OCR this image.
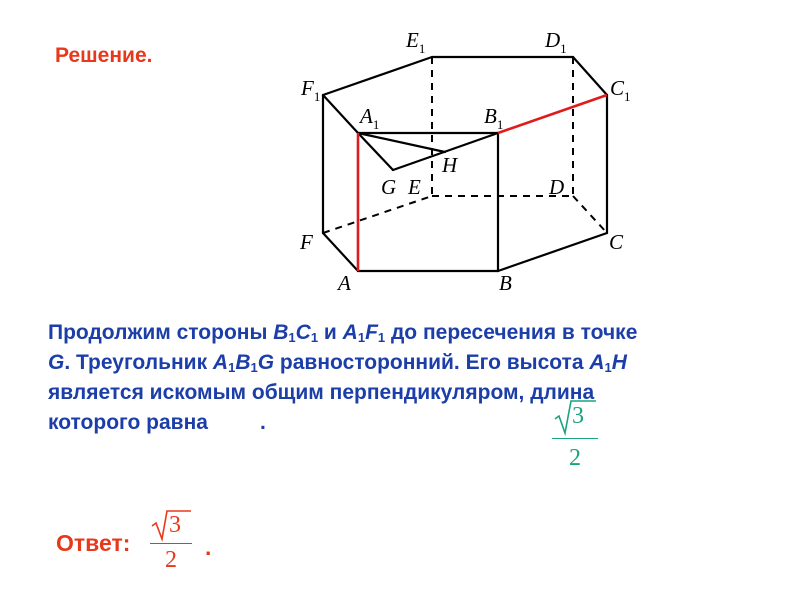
Решение.
$E_1$	$D_1$
$F_1$	$C_1$
$A_1$	$B_1$
H
G E	D
F	C
A	B
Продолжим стороны $B_1C_1$ и $A_1F_1$ до пересечения в точке
G. Треугольник $A_1B_1G$ равносторонний. Его высота $A_1H$
является искомым общим перпендикуляром, длина
которого равна .	3
2
Ответ:
3
2	.
